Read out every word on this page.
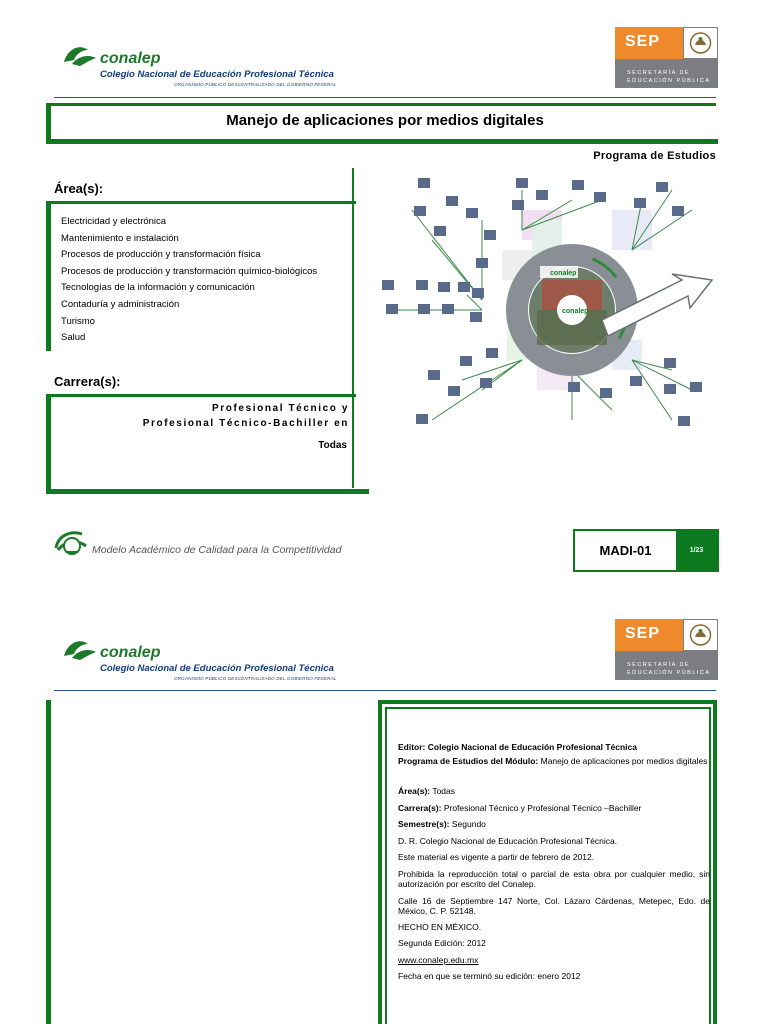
conalep
Colegio Nacional de Educación Profesional Técnica
ORGANISMO PÚBLICO DESCENTRALIZADO DEL GOBIERNO FEDERAL
SEP
SECRETARÍA DE
EDUCACIÓN PÚBLICA
Manejo de aplicaciones por medios digitales
Programa de Estudios
Área(s):
Electricidad y electrónica
Mantenimiento e instalación
Procesos de producción y transformación física
Procesos de producción y transformación químico-biológicos
Tecnologías de la información y comunicación
Contaduría y administración
Turismo
Salud
Carrera(s):
Profesional Técnico y
Profesional Técnico-Bachiller en
Todas
conalep
conalep
Modelo Académico de Calidad para la Competitividad	MADI-01	1/23
conalep
Colegio Nacional de Educación Profesional Técnica
ORGANISMO PÚBLICO DESCENTRALIZADO DEL GOBIERNO FEDERAL
SEP
SECRETARÍA DE
EDUCACIÓN PÚBLICA

Editor: Colegio Nacional de Educación Profesional Técnica

Programa de Estudios del Módulo: Manejo de aplicaciones por medios digitales

Área(s): Todas

Carrera(s): Profesional Técnico y Profesional Técnico –Bachiller

Semestre(s): Segundo

D. R. Colegio Nacional de Educación Profesional Técnica.

Este material es vigente a partir de febrero de 2012.

Prohibida la reproducción total o parcial de esta obra por cualquier medio, sin autorización por escrito del Conalep.

Calle 16 de Septiembre 147 Norte, Col. Lázaro Cárdenas, Metepec, Edo. de México, C. P. 52148.

HECHO EN MÉXICO.

Segunda Edición: 2012

www.conalep.edu.mx

Fecha en que se terminó su edición: enero 2012
